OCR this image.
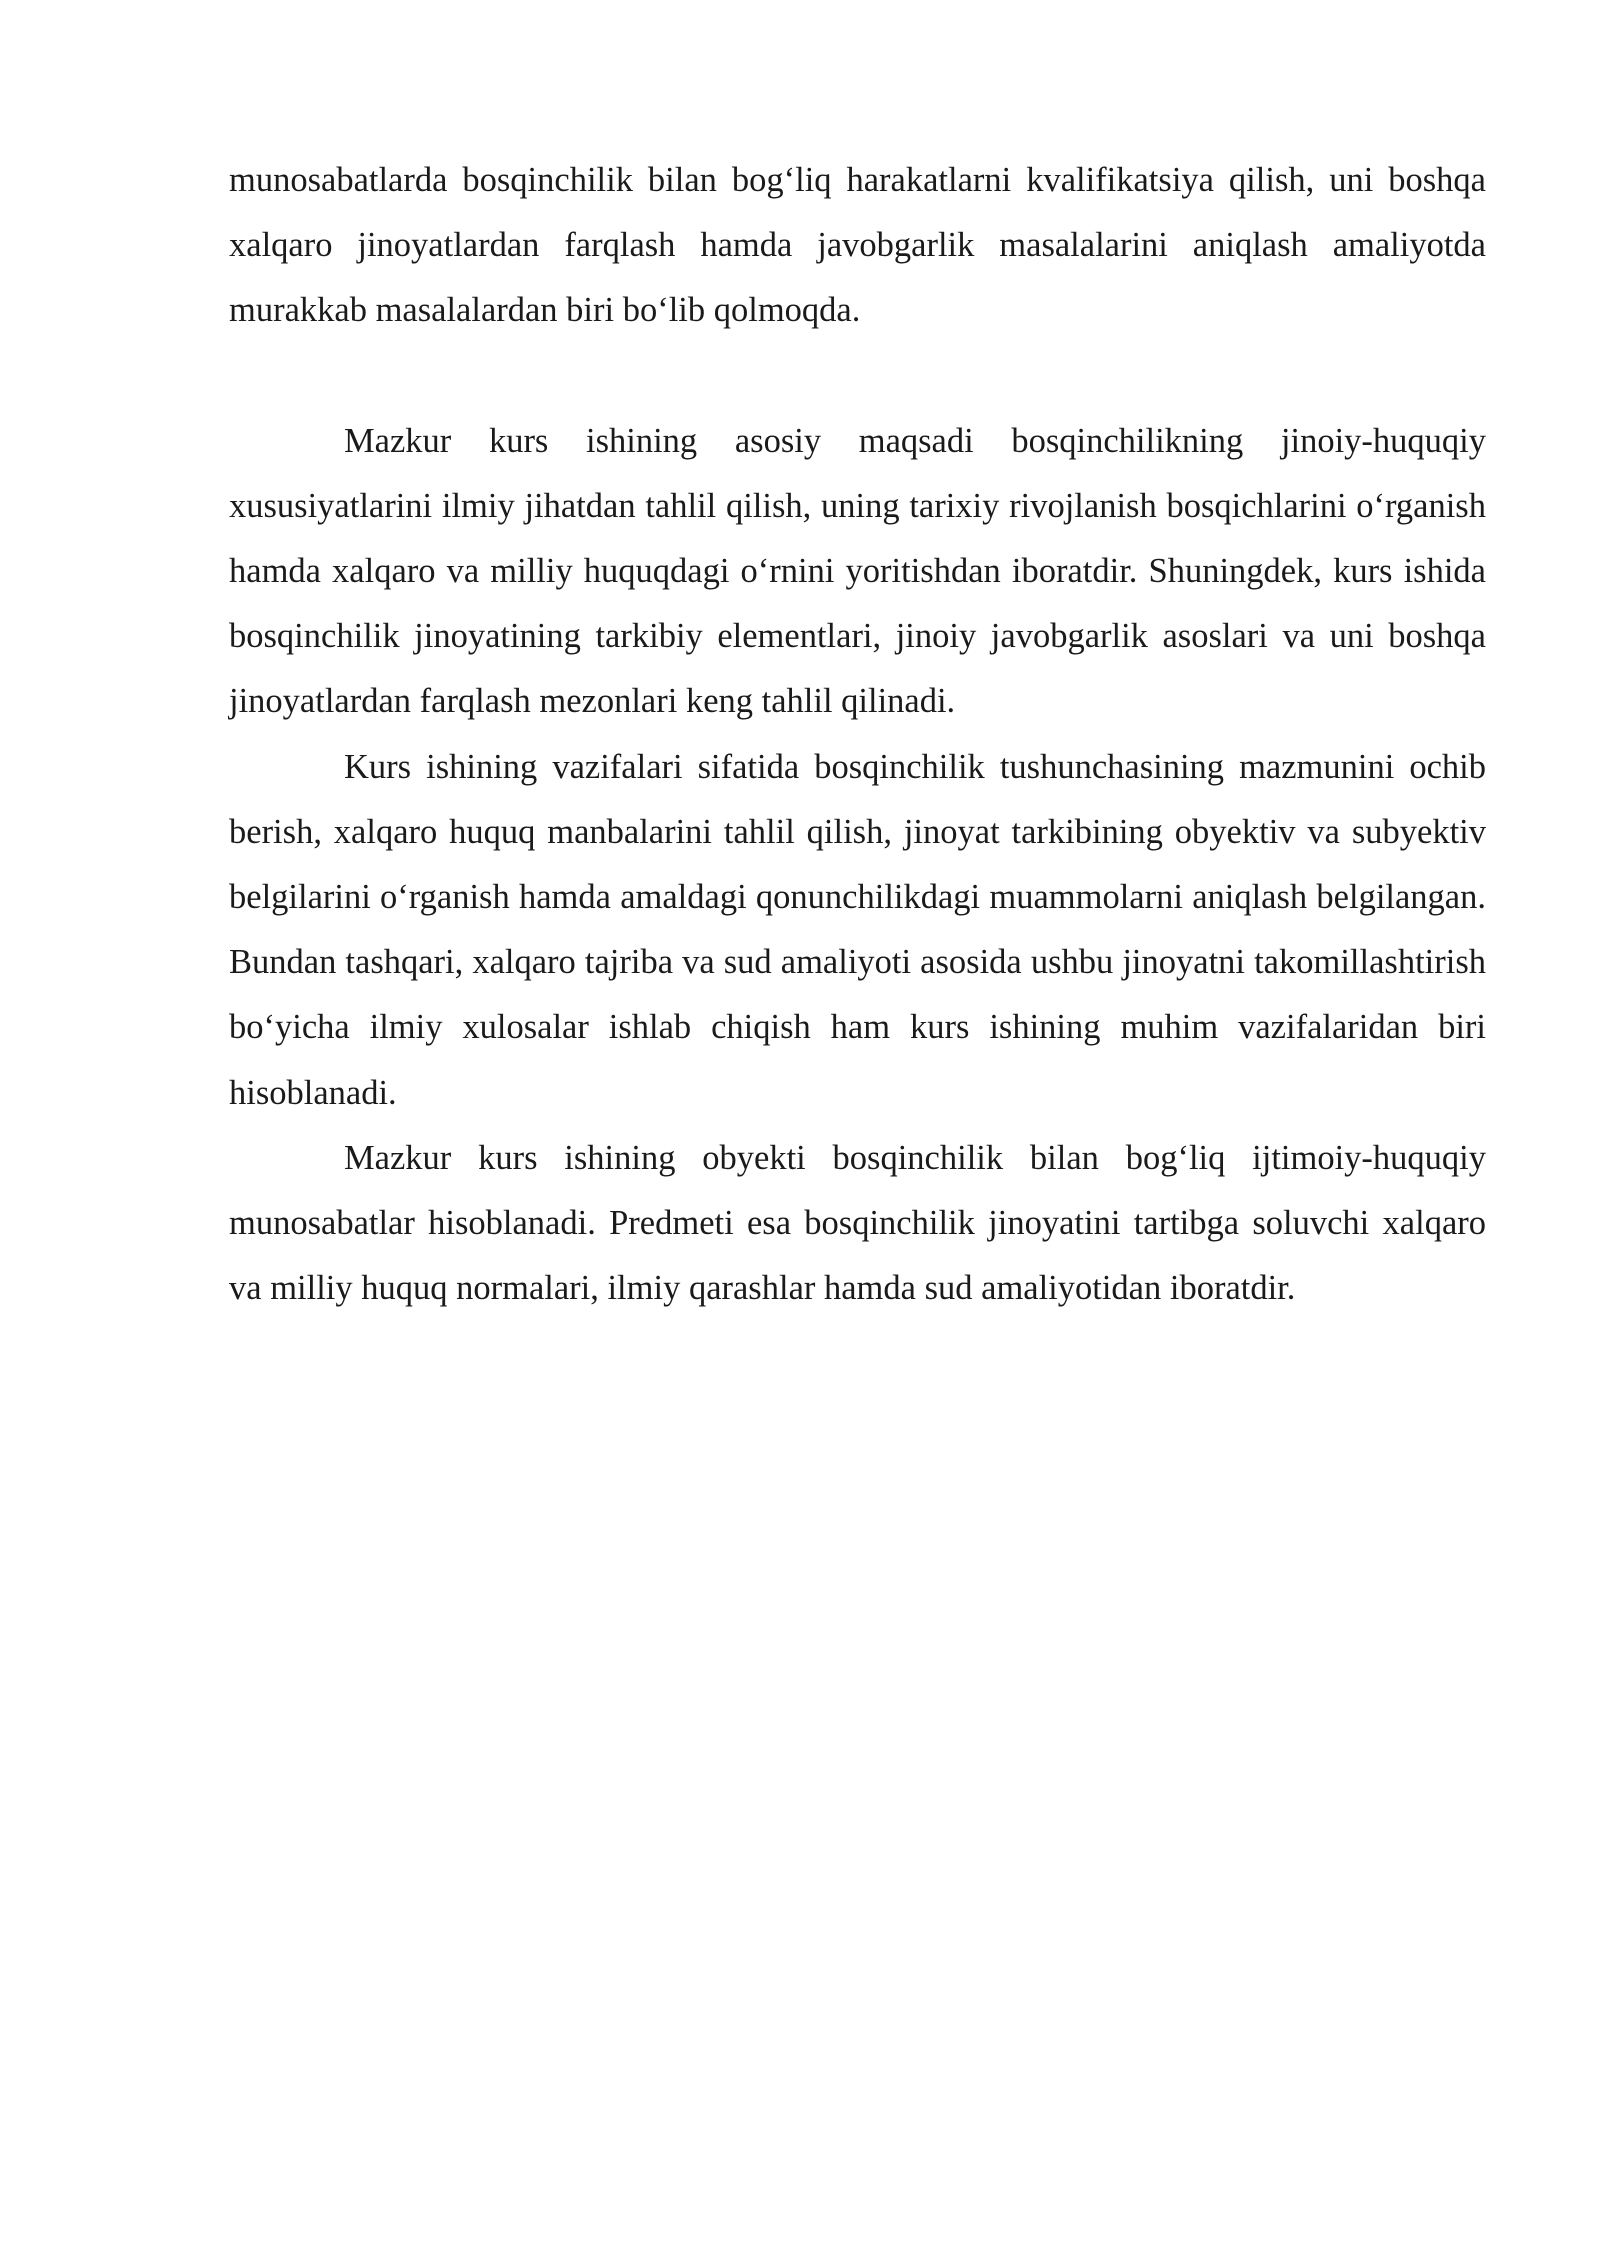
munosabatlarda bosqinchilik bilan bog‘liq harakatlarni kvalifikatsiya qilish, uni boshqa xalqaro jinoyatlardan farqlash hamda javobgarlik masalalarini aniqlash amaliyotda murakkab masalalardan biri bo‘lib qolmoqda.

Mazkur kurs ishining asosiy maqsadi bosqinchilikning jinoiy-huquqiy xususiyatlarini ilmiy jihatdan tahlil qilish, uning tarixiy rivojlanish bosqichlarini o‘rganish hamda xalqaro va milliy huquqdagi o‘rnini yoritishdan iboratdir. Shuningdek, kurs ishida bosqinchilik jinoyatining tarkibiy elementlari, jinoiy javobgarlik asoslari va uni boshqa jinoyatlardan farqlash mezonlari keng tahlil qilinadi.

Kurs ishining vazifalari sifatida bosqinchilik tushunchasining mazmunini ochib berish, xalqaro huquq manbalarini tahlil qilish, jinoyat tarkibining obyektiv va subyektiv belgilarini o‘rganish hamda amaldagi qonunchilikdagi muammolarni aniqlash belgilangan. Bundan tashqari, xalqaro tajriba va sud amaliyoti asosida ushbu jinoyatni takomillashtirish bo‘yicha ilmiy xulosalar ishlab chiqish ham kurs ishining muhim vazifalaridan biri hisoblanadi.

Mazkur kurs ishining obyekti bosqinchilik bilan bog‘liq ijtimoiy-huquqiy munosabatlar hisoblanadi. Predmeti esa bosqinchilik jinoyatini tartibga soluvchi xalqaro va milliy huquq normalari, ilmiy qarashlar hamda sud amaliyotidan iboratdir.
